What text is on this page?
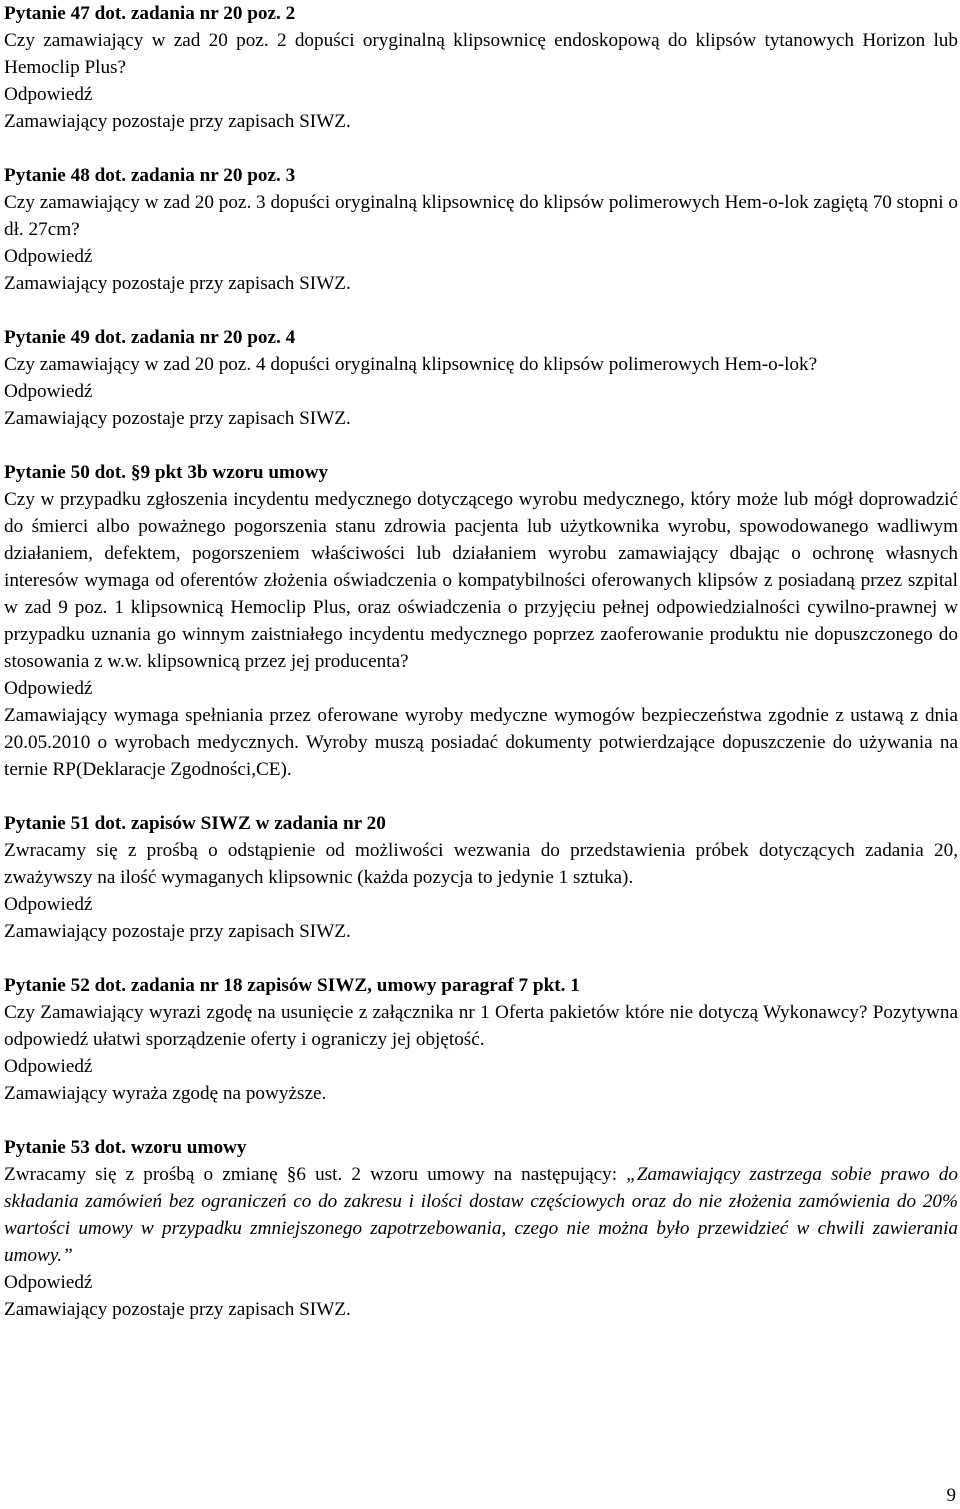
Pytanie 47 dot. zadania nr 20 poz. 2

Czy zamawiający w zad 20 poz. 2 dopuści oryginalną klipsownicę endoskopową do klipsów tytanowych Horizon lub Hemoclip Plus?

Odpowiedź

Zamawiający pozostaje przy zapisach SIWZ.

Pytanie 48 dot. zadania nr 20 poz. 3

Czy zamawiający w zad 20 poz. 3 dopuści oryginalną klipsownicę do klipsów polimerowych Hem-o-lok zagiętą 70 stopni o dł. 27cm?

Odpowiedź

Zamawiający pozostaje przy zapisach SIWZ.

Pytanie 49 dot. zadania nr 20 poz. 4

Czy zamawiający w zad 20 poz. 4 dopuści oryginalną klipsownicę do klipsów polimerowych Hem-o-lok?

Odpowiedź

Zamawiający pozostaje przy zapisach SIWZ.

Pytanie 50 dot. §9 pkt 3b wzoru umowy

Czy w przypadku zgłoszenia incydentu medycznego dotyczącego wyrobu medycznego, który może lub mógł doprowadzić do śmierci albo poważnego pogorszenia stanu zdrowia pacjenta lub użytkownika wyrobu, spowodowanego wadliwym działaniem, defektem, pogorszeniem właściwości lub działaniem wyrobu zamawiający dbając o ochronę własnych interesów wymaga od oferentów złożenia oświadczenia o kompatybilności oferowanych klipsów z posiadaną przez szpital w zad 9 poz. 1 klipsownicą Hemoclip Plus, oraz oświadczenia o przyjęciu pełnej odpowiedzialności cywilno-prawnej w przypadku uznania go winnym zaistniałego incydentu medycznego poprzez zaoferowanie produktu nie dopuszczonego do stosowania z w.w. klipsownicą przez jej producenta?

Odpowiedź

Zamawiający wymaga spełniania przez oferowane wyroby medyczne wymogów bezpieczeństwa zgodnie z ustawą z dnia 20.05.2010 o wyrobach medycznych. Wyroby muszą posiadać dokumenty potwierdzające dopuszczenie do używania na ternie RP(Deklaracje Zgodności,CE).

Pytanie 51 dot. zapisów SIWZ w zadania nr 20

Zwracamy się z prośbą o odstąpienie od możliwości wezwania do przedstawienia próbek dotyczących zadania 20, zważywszy na ilość wymaganych klipsownic (każda pozycja to jedynie 1 sztuka).

Odpowiedź

Zamawiający pozostaje przy zapisach SIWZ.

Pytanie 52 dot. zadania nr 18 zapisów SIWZ, umowy paragraf 7 pkt. 1

Czy Zamawiający wyrazi zgodę na usunięcie z załącznika nr 1 Oferta pakietów które nie dotyczą Wykonawcy? Pozytywna odpowiedź ułatwi sporządzenie oferty i ograniczy jej objętość.

Odpowiedź

Zamawiający wyraża zgodę na powyższe.

Pytanie 53 dot. wzoru umowy

Zwracamy się z prośbą o zmianę §6 ust. 2 wzoru umowy na następujący: „Zamawiający zastrzega sobie prawo do składania zamówień bez ograniczeń co do zakresu i ilości dostaw częściowych oraz do nie złożenia zamówienia do 20% wartości umowy w przypadku zmniejszonego zapotrzebowania, czego nie można było przewidzieć w chwili zawierania umowy.”

Odpowiedź

Zamawiający pozostaje przy zapisach SIWZ.

9
